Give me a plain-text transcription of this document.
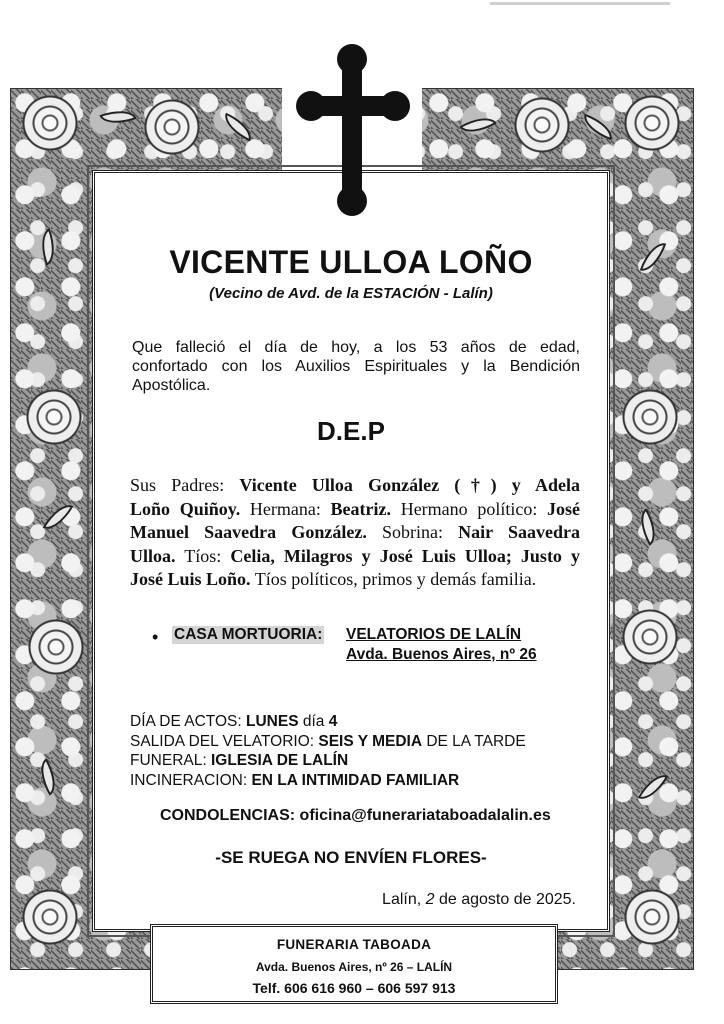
VICENTE ULLOA LOÑO
(Vecino de Avd. de la ESTACIÓN - Lalín)
Que falleció el día de hoy, a los 53 años de edad,
confortado con los Auxilios Espirituales y la Bendición
Apostólica.
D.E.P
Sus Padres: Vicente Ulloa González (†) y Adela
Loño Quiñoy. Hermana: Beatriz. Hermano político: José
Manuel Saavedra González. Sobrina: Nair Saavedra
Ulloa. Tíos: Celia, Milagros y José Luis Ulloa; Justo y
José Luis Loño. Tíos políticos, primos y demás familia.
• CASA MORTUORIA: VELATORIOS DE LALÍN
Avda. Buenos Aires, nº 26
DÍA DE ACTOS: LUNES día 4
SALIDA DEL VELATORIO: SEIS Y MEDIA DE LA TARDE
FUNERAL: IGLESIA DE LALÍN
INCINERACION: EN LA INTIMIDAD FAMILIAR
CONDOLENCIAS: oficina@funerariataboadalalin.es
-SE RUEGA NO ENVÍEN FLORES-
Lalín, 2 de agosto de 2025.
FUNERARIA TABOADA
Avda. Buenos Aires, nº 26 – LALÍN
Telf. 606 616 960 – 606 597 913
